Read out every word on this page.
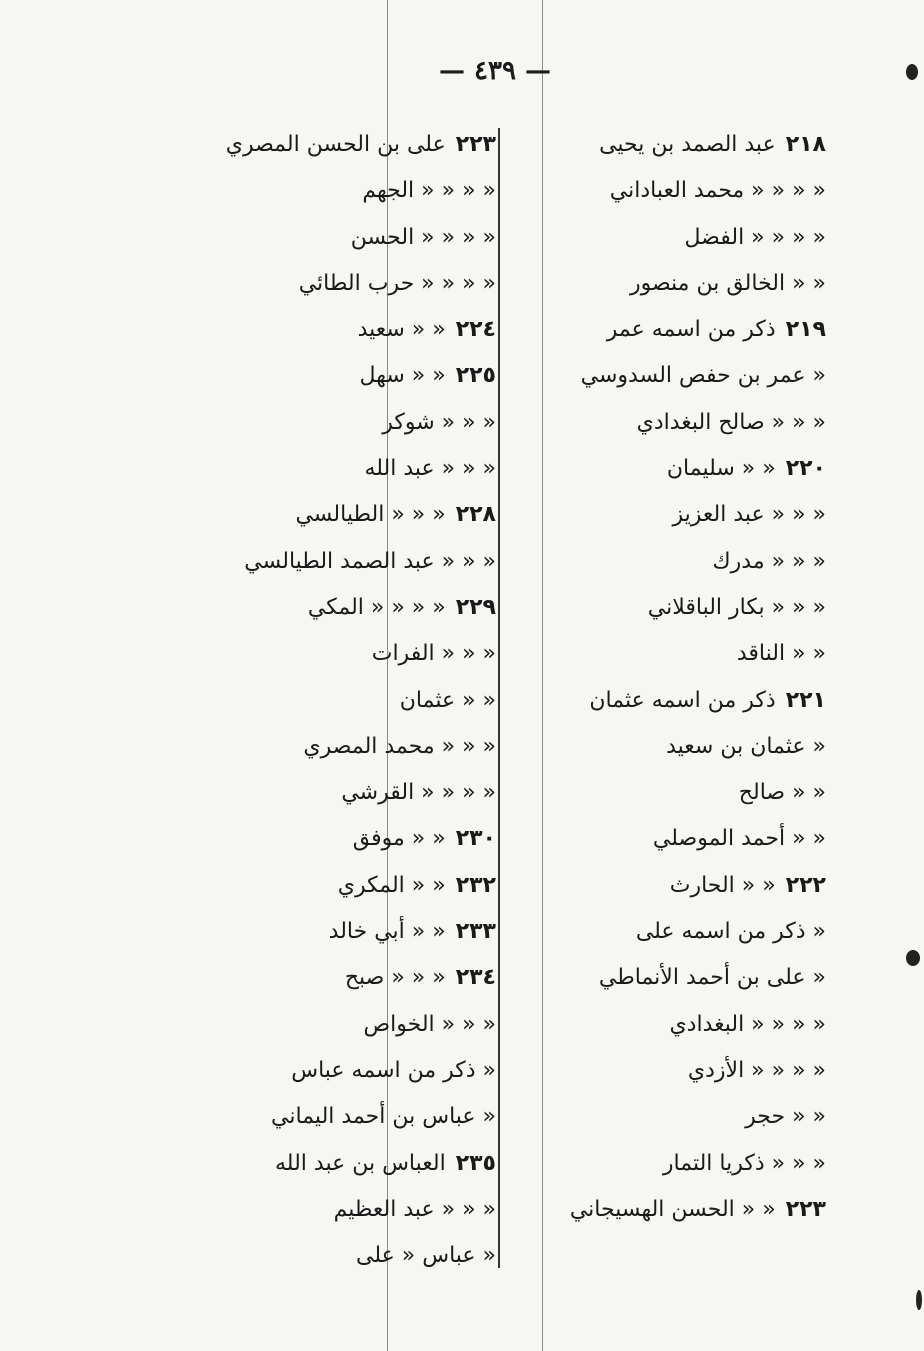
— ٤٣٩ —
٢١٨عبد الصمد بن يحيى
« « « « محمد العباداني
« « « « الفضل
« « الخالق بن منصور
٢١٩ذكر من اسمه عمر
« عمر بن حفص السدوسي
« « « صالح البغدادي
٢٢٠« « سليمان
« « « عبد العزيز
« « « مدرك
« « « بكار الباقلاني
« « الناقد
٢٢١ذكر من اسمه عثمان
« عثمان بن سعيد
« « صالح
« « أحمد الموصلي
٢٢٢« « الحارث
« ذكر من اسمه على
« على بن أحمد الأنماطي
« « « « البغدادي
« « « « الأزدي
« « حجر
« « « ذكريا التمار
٢٢٣« « الحسن الهسيجاني
٢٢٣على بن الحسن المصري
« « « « الجهم
« « « « الحسن
« « « « حرب الطائي
٢٢٤« « سعيد
٢٢٥« « سهل
« « « شوكر
« « « عبد الله
٢٢٨« « « الطيالسي
« « « عبد الصمد الطيالسي
٢٢٩« « « « المكي
« « « الفرات
« « عثمان
« « « محمد المصري
« « « « القرشي
٢٣٠« « موفق
٢٣٢« « المكري
٢٣٣« « أبي خالد
٢٣٤« « « صبح
« « « الخواص
« ذكر من اسمه عباس
« عباس بن أحمد اليماني
٢٣٥العباس بن عبد الله
« « « عبد العظيم
« عباس « على
